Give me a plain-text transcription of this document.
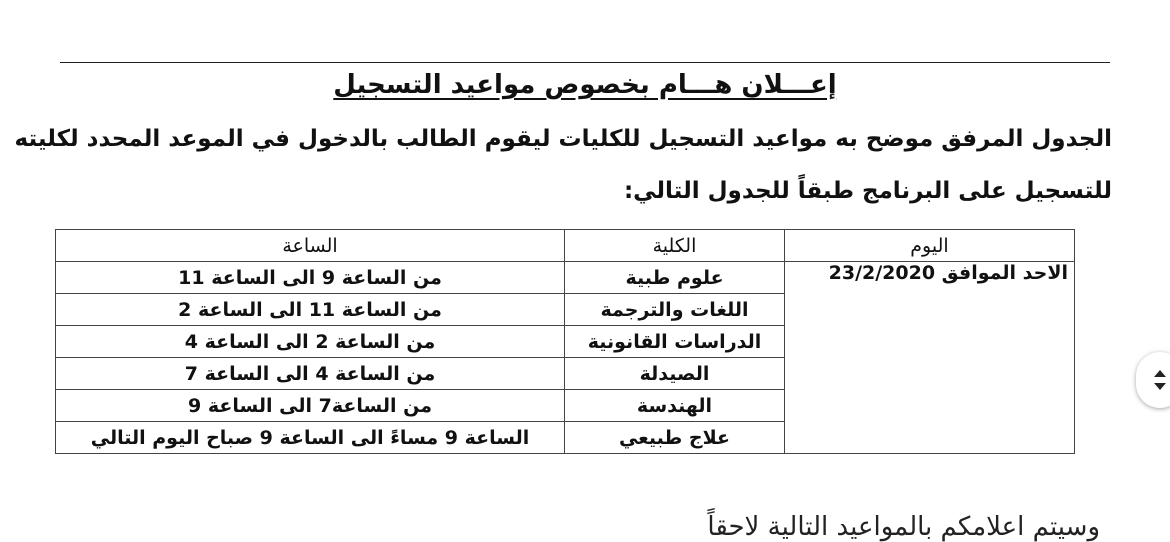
إعـــلان هـــام بخصوص مواعيد التسجيل
الجدول المرفق موضح به مواعيد التسجيل للكليات ليقوم الطالب بالدخول في الموعد المحدد لكليته
للتسجيل على البرنامج طبقاً للجدول التالي:
اليوم	الكلية	الساعة
الاحد الموافق 23/2/2020	علوم طبية	من الساعة 9 الى الساعة 11
	اللغات والترجمة	من الساعة 11 الى الساعة 2
	الدراسات القانونية	من الساعة 2 الى الساعة 4
	الصيدلة	من الساعة 4 الى الساعة 7
	الهندسة	من الساعة7 الى الساعة 9
	علاج طبيعي	الساعة 9 مساءً الى الساعة 9 صباح اليوم التالي
وسيتم اعلامكم بالمواعيد التالية لاحقاً
